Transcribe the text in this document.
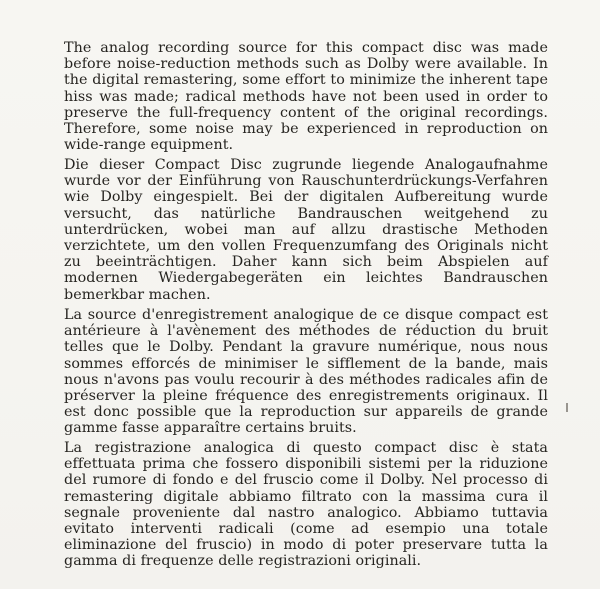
The analog recording source for this compact disc was made before noise-reduction methods such as Dolby were available. In the digital remastering, some effort to minimize the inherent tape hiss was made; radical methods have not been used in order to preserve the full-frequency content of the original recordings. Therefore, some noise may be experienced in reproduction on wide-range equipment.

Die dieser Compact Disc zugrunde liegende Analogaufnahme wurde vor der Einführung von Rauschunterdrückungs-Verfahren wie Dolby eingespielt. Bei der digitalen Aufbereitung wurde versucht, das natürliche Bandrauschen weitgehend zu unterdrücken, wobei man auf allzu drastische Methoden verzichtete, um den vollen Frequenzumfang des Originals nicht zu beeinträchtigen. Daher kann sich beim Abspielen auf modernen Wiedergabegeräten ein leichtes Bandrauschen bemerkbar machen.

La source d'enregistrement analogique de ce disque compact est antérieure à l'avènement des méthodes de réduction du bruit telles que le Dolby. Pendant la gravure numérique, nous nous sommes efforcés de minimiser le sifflement de la bande, mais nous n'avons pas voulu recourir à des méthodes radicales afin de préserver la pleine fréquence des enregistrements originaux. Il est donc possible que la reproduction sur appareils de grande gamme fasse apparaître certains bruits.

La registrazione analogica di questo compact disc è stata effettuata prima che fossero disponibili sistemi per la riduzione del rumore di fondo e del fruscio come il Dolby. Nel processo di remastering digitale abbiamo filtrato con la massima cura il segnale proveniente dal nastro analogico. Abbiamo tuttavia evitato interventi radicali (come ad esempio una totale eliminazione del fruscio) in modo di poter preservare tutta la gamma di frequenze delle registrazioni originali.
